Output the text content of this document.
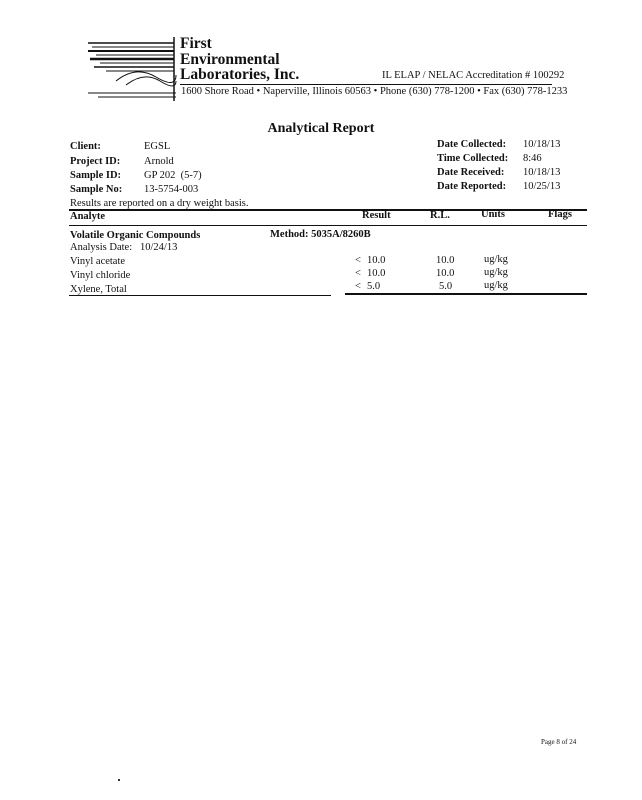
First
Environmental
Laboratories, Inc.	IL ELAP / NELAC Accreditation # 100292
1600 Shore Road • Naperville, Illinois 60563 • Phone (630) 778-1200 • Fax (630) 778-1233
Analytical Report
Client:	EGSL
Project ID: Arnold
Sample ID: GP 202  (5-7)
Sample No: 13-5754-003
Date Collected: 10/18/13
Time Collected: 8:46
Date Received: 10/18/13
Date Reported: 10/25/13
Results are reported on a dry weight basis.
Analyte	Result	R.L.	Units	Flags
Volatile Organic Compounds	Method: 5035A/8260B
Analysis Date:   10/24/13
Vinyl acetate	< 10.0	10.0	ug/kg
Vinyl chloride	< 10.0	10.0	ug/kg
Xylene, Total	< 5.0	5.0	ug/kg
Page 8 of 24
